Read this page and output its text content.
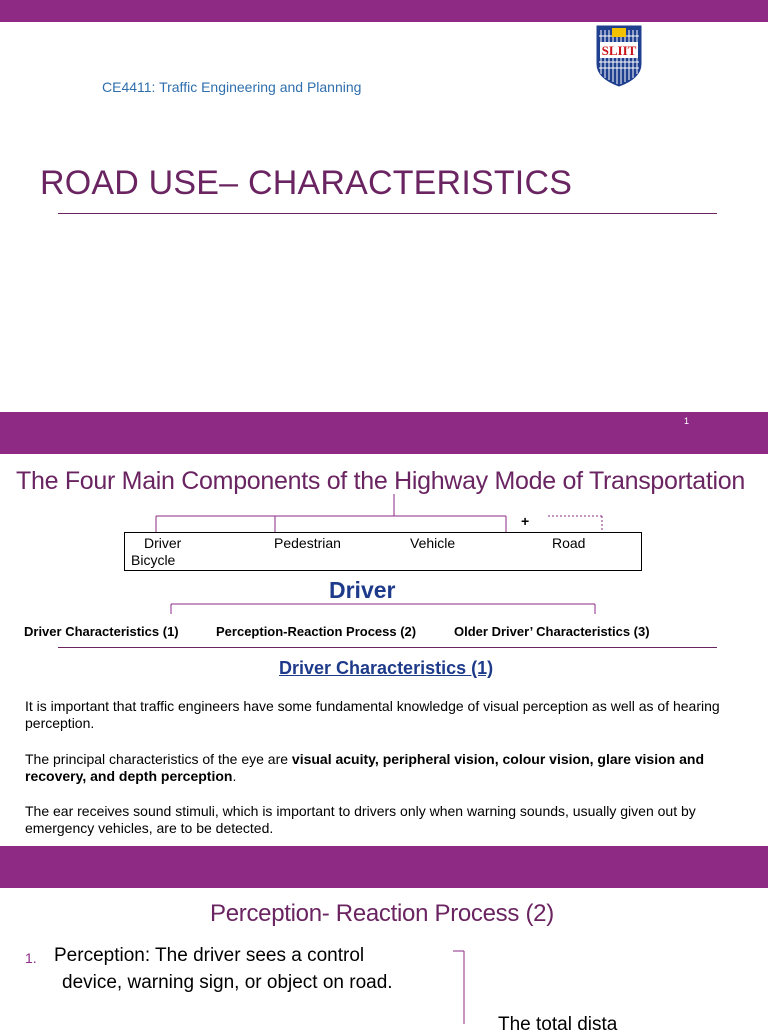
CE4411: Traffic Engineering and Planning
SLIIT
ROAD USE– CHARACTERISTICS
1
The Four Main Components of the Highway Mode of Transportation
+
Driver	Pedestrian	Vehicle	Road
Bicycle
Driver
Driver Characteristics (1)	Perception-Reaction Process (2)	Older Driver’ Characteristics (3)
Driver Characteristics (1)
It is important that traffic engineers have some fundamental knowledge of visual perception as well as of hearing perception.
The principal characteristics of the eye are visual acuity, peripheral vision, colour vision, glare vision and recovery, and depth perception.
The ear receives sound stimuli, which is important to drivers only when warning sounds, usually given out by emergency vehicles, are to be detected.
Perception- Reaction Process (2)
1. Perception: The driver sees a control
device, warning sign, or object on road.
The total dista
